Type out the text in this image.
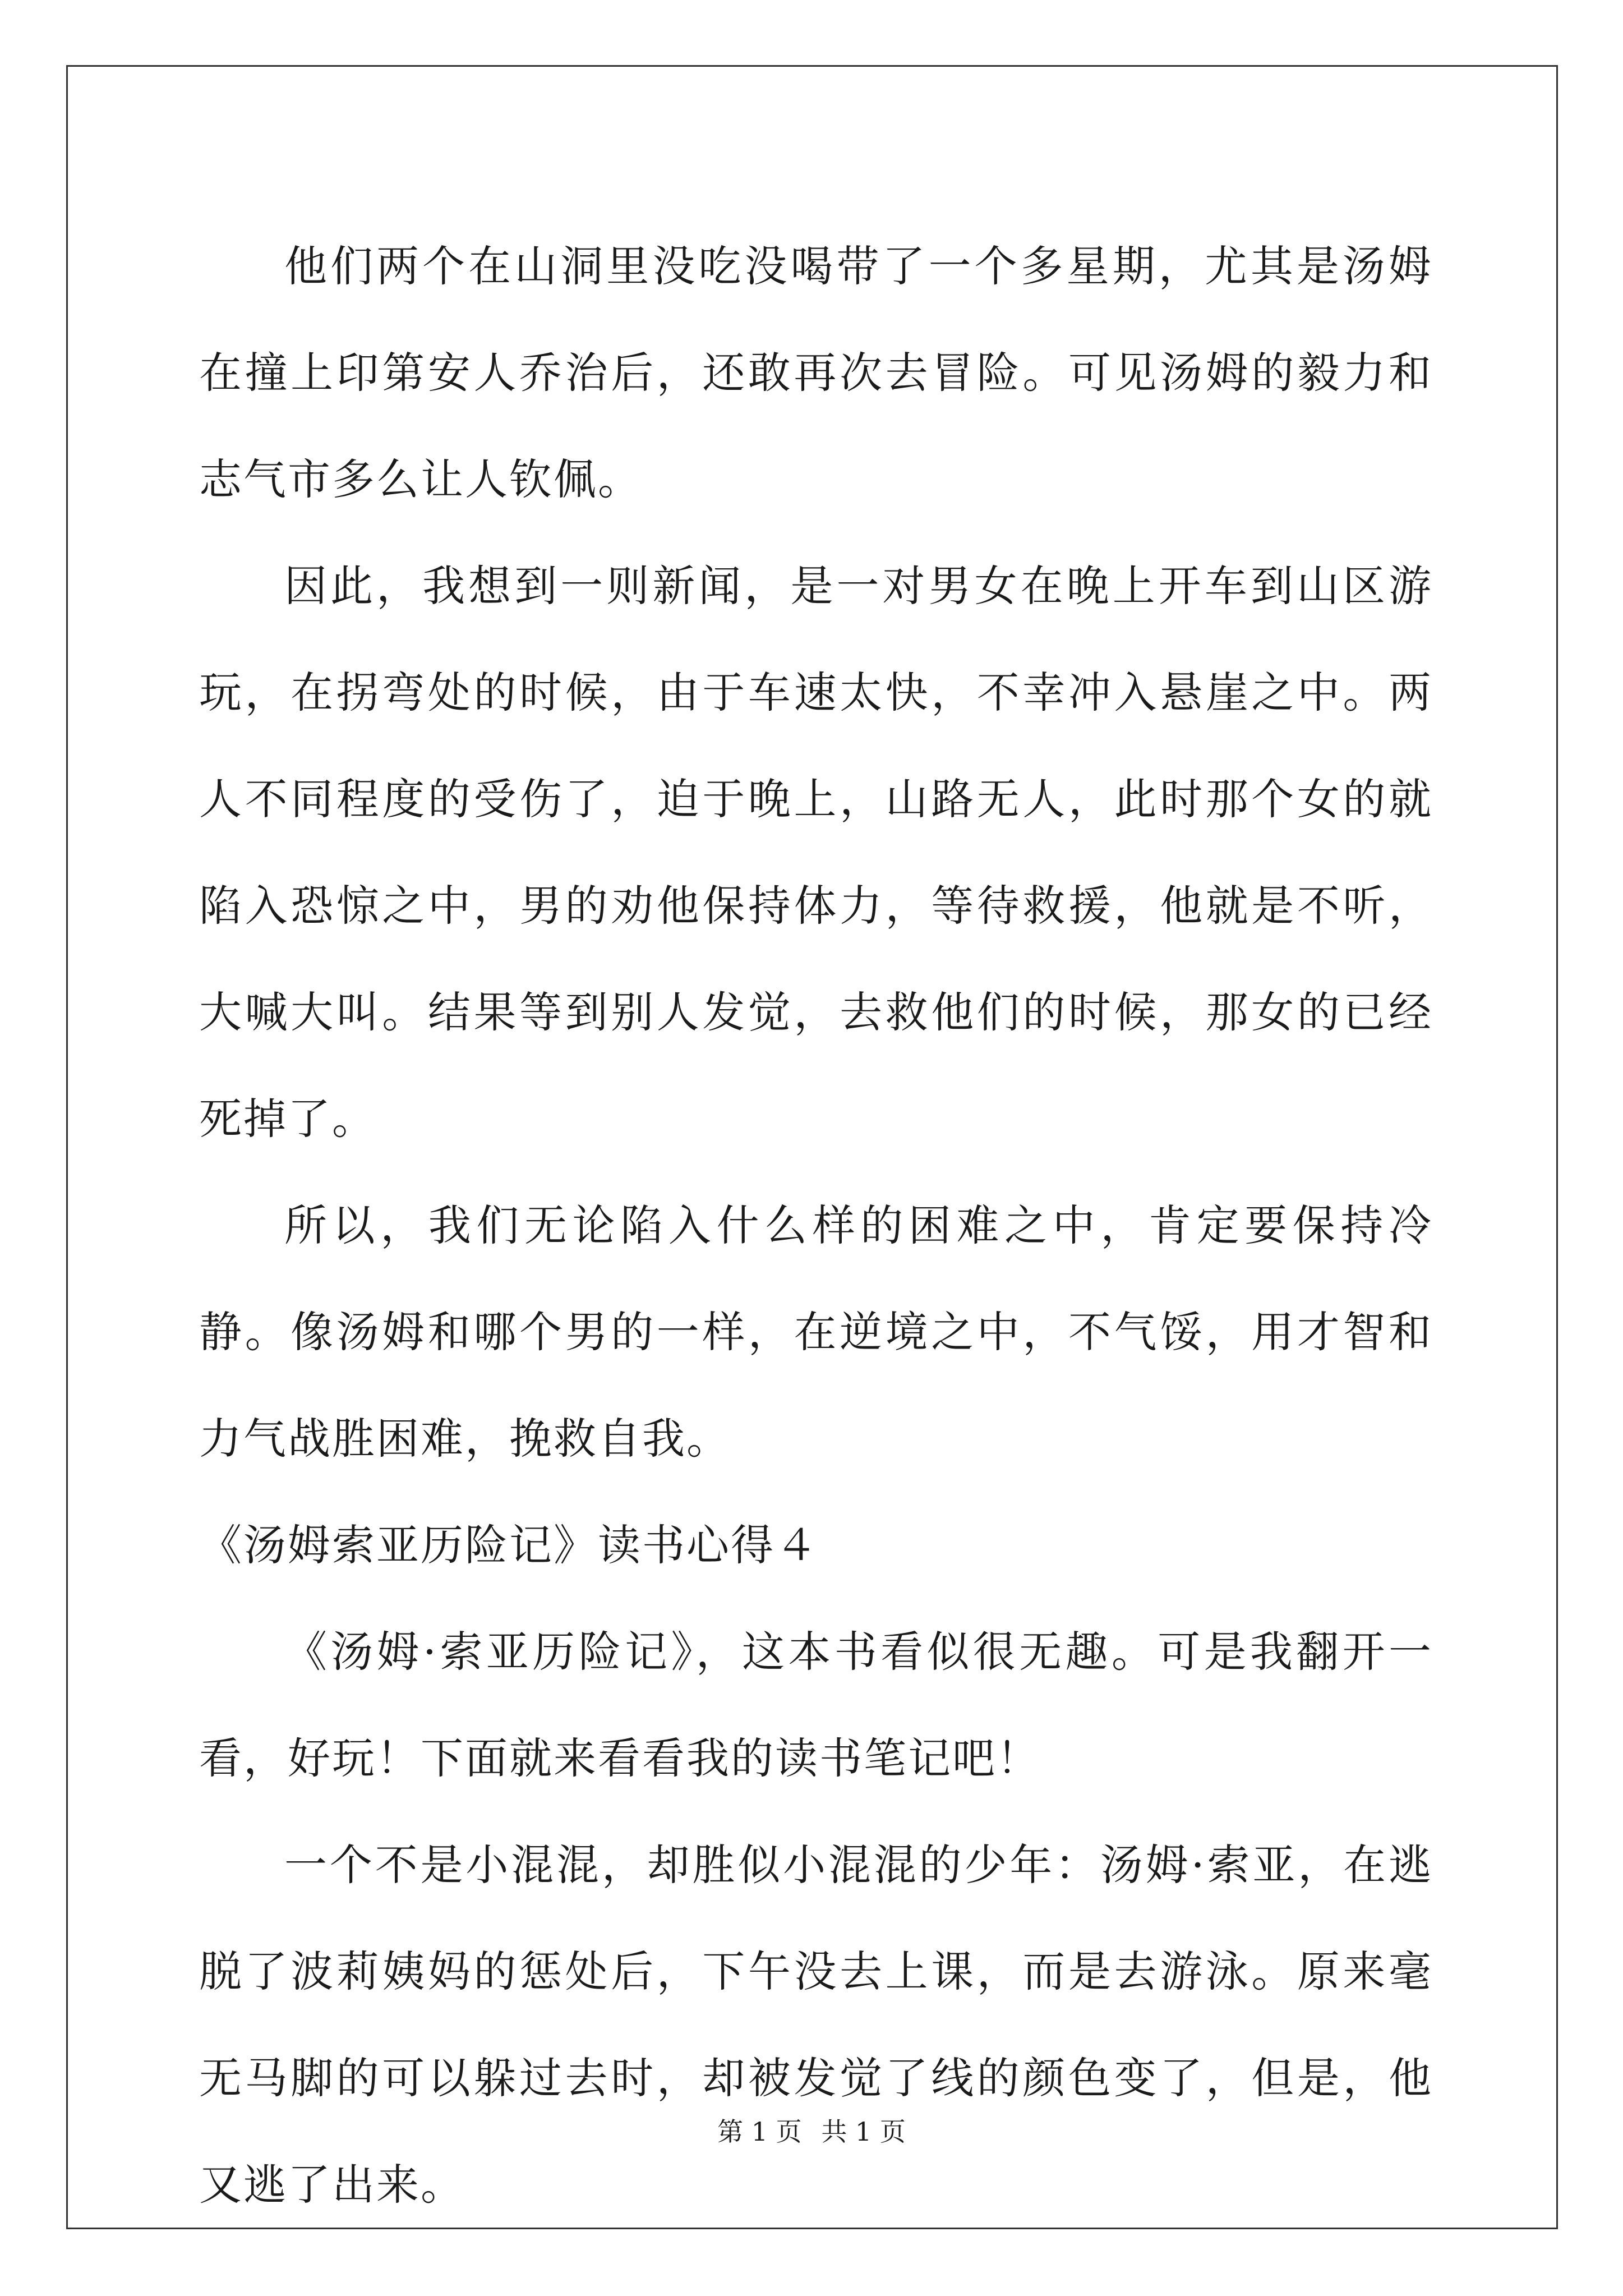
他们两个在山洞里没吃没喝带了一个多星期，尤其是汤姆在撞上印第安人乔治后，还敢再次去冒险。可见汤姆的毅力和志气市多么让人钦佩。

因此，我想到一则新闻，是一对男女在晚上开车到山区游玩，在拐弯处的时候，由于车速太快，不幸冲入悬崖之中。两人不同程度的受伤了，迫于晚上，山路无人，此时那个女的就陷入恐惊之中，男的劝他保持体力，等待救援，他就是不听，大喊大叫。结果等到别人发觉，去救他们的时候，那女的已经死掉了。

所以，我们无论陷入什么样的困难之中，肯定要保持冷静。像汤姆和哪个男的一样，在逆境之中，不气馁，用才智和力气战胜困难，挽救自我。

《汤姆索亚历险记》读书心得４

《汤姆·索亚历险记》，这本书看似很无趣。可是我翻开一看，好玩！下面就来看看我的读书笔记吧！

一个不是小混混，却胜似小混混的少年：汤姆·索亚，在逃脱了波莉姨妈的惩处后，下午没去上课，而是去游泳。原来毫无马脚的可以躲过去时，却被发觉了线的颜色变了，但是，他又逃了出来。

第 1 页 共 1 页
